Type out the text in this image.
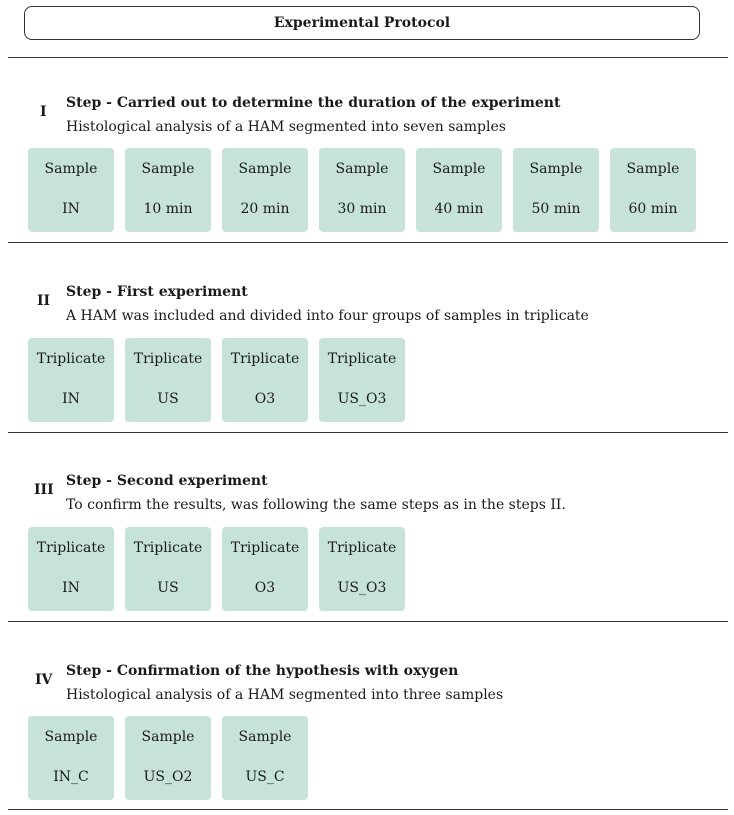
Experimental Protocol
I
Step - Carried out to determine the duration of the experiment
Histological analysis of a HAM segmented into seven samples
Sample
IN
Sample
10 min
Sample
20 min
Sample
30 min
Sample
40 min
Sample
50 min
Sample
60 min
II
Step - First experiment
A HAM was included and divided into four groups of samples in triplicate
Triplicate
IN
Triplicate
US
Triplicate
O3
Triplicate
US_O3
III
Step - Second experiment
To confirm the results, was following the same steps as in the steps II.
Triplicate
IN
Triplicate
US
Triplicate
O3
Triplicate
US_O3
IV
Step - Confirmation of the hypothesis with oxygen
Histological analysis of a HAM segmented into three samples
Sample
IN_C
Sample
US_O2
Sample
US_C
